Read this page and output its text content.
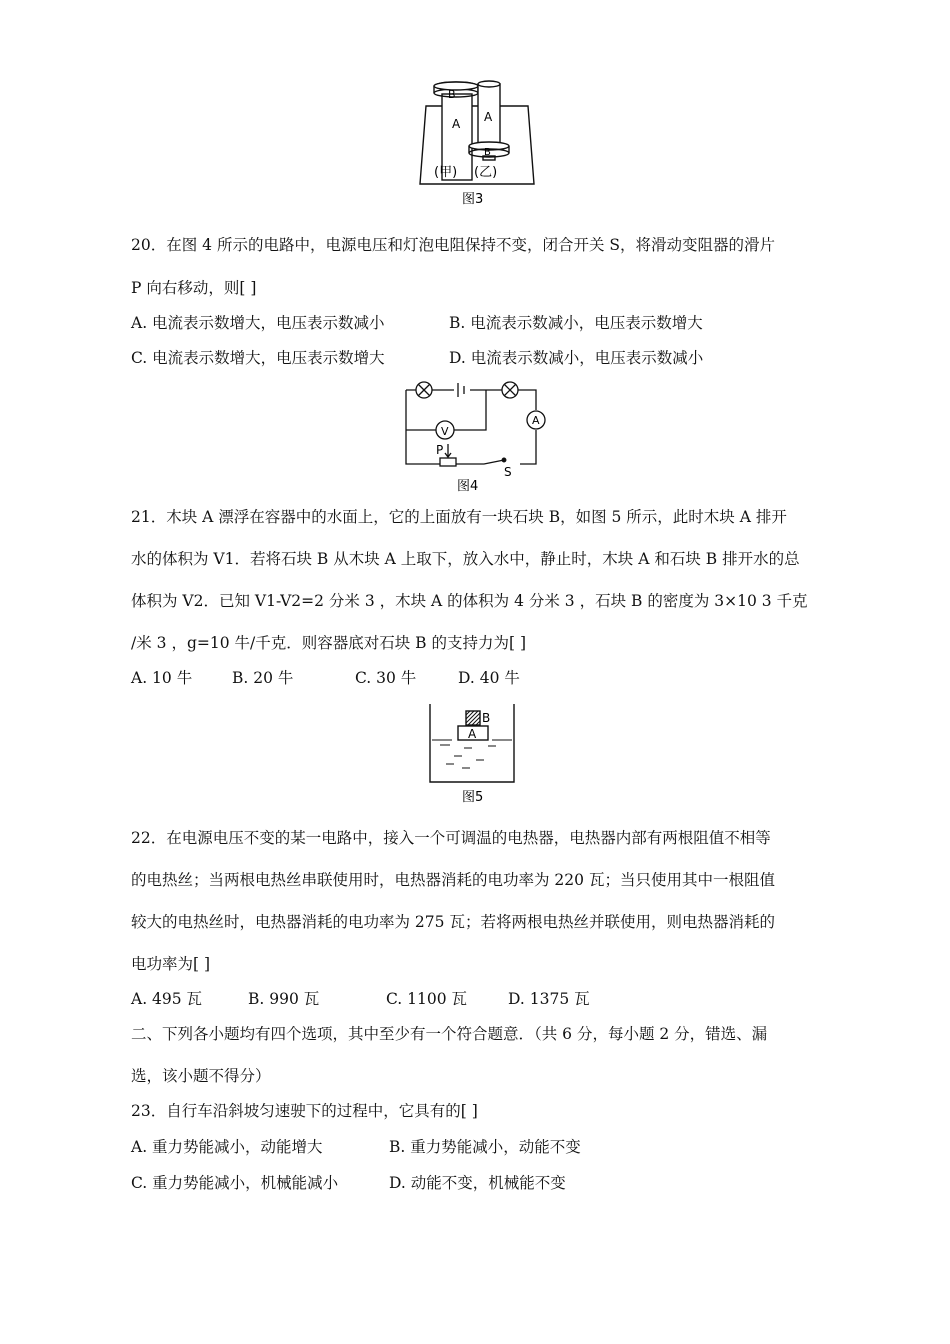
B
A A
B
(甲) (乙)
图3
20．在图 4 所示的电路中，电源电压和灯泡电阻保持不变，闭合开关 S，将滑动变阻器的滑片
P 向右移动，则[ ]
A. 电流表示数增大，电压表示数减小	B. 电流表示数减小，电压表示数增大
C. 电流表示数增大，电压表示数增大	D. 电流表示数减小，电压表示数减小
V
A
P
S
图4
21．木块 A 漂浮在容器中的水面上，它的上面放有一块石块 B，如图 5 所示，此时木块 A 排开
水的体积为 V1．若将石块 B 从木块 A 上取下，放入水中，静止时，木块 A 和石块 B 排开水的总
体积为 V2．已知 V1-V2=2 分米 3 ，木块 A 的体积为 4 分米 3 ，石块 B 的密度为 3×10 3 千克
/米 3 ，g=10 牛/千克．则容器底对石块 B 的支持力为[ ]
A. 10 牛	B. 20 牛	C. 30 牛	D. 40 牛
B
A
图5
22．在电源电压不变的某一电路中，接入一个可调温的电热器，电热器内部有两根阻值不相等
的电热丝；当两根电热丝串联使用时，电热器消耗的电功率为 220 瓦；当只使用其中一根阻值
较大的电热丝时，电热器消耗的电功率为 275 瓦；若将两根电热丝并联使用，则电热器消耗的
电功率为[ ]
A. 495 瓦	B. 990 瓦	C. 1100 瓦	D. 1375 瓦
二、下列各小题均有四个选项，其中至少有一个符合题意．（共 6 分，每小题 2 分，错选、漏
选，该小题不得分）
23．自行车沿斜坡匀速驶下的过程中，它具有的[ ]
A. 重力势能减小，动能增大	B. 重力势能减小，动能不变
C. 重力势能减小，机械能减小	D. 动能不变，机械能不变
